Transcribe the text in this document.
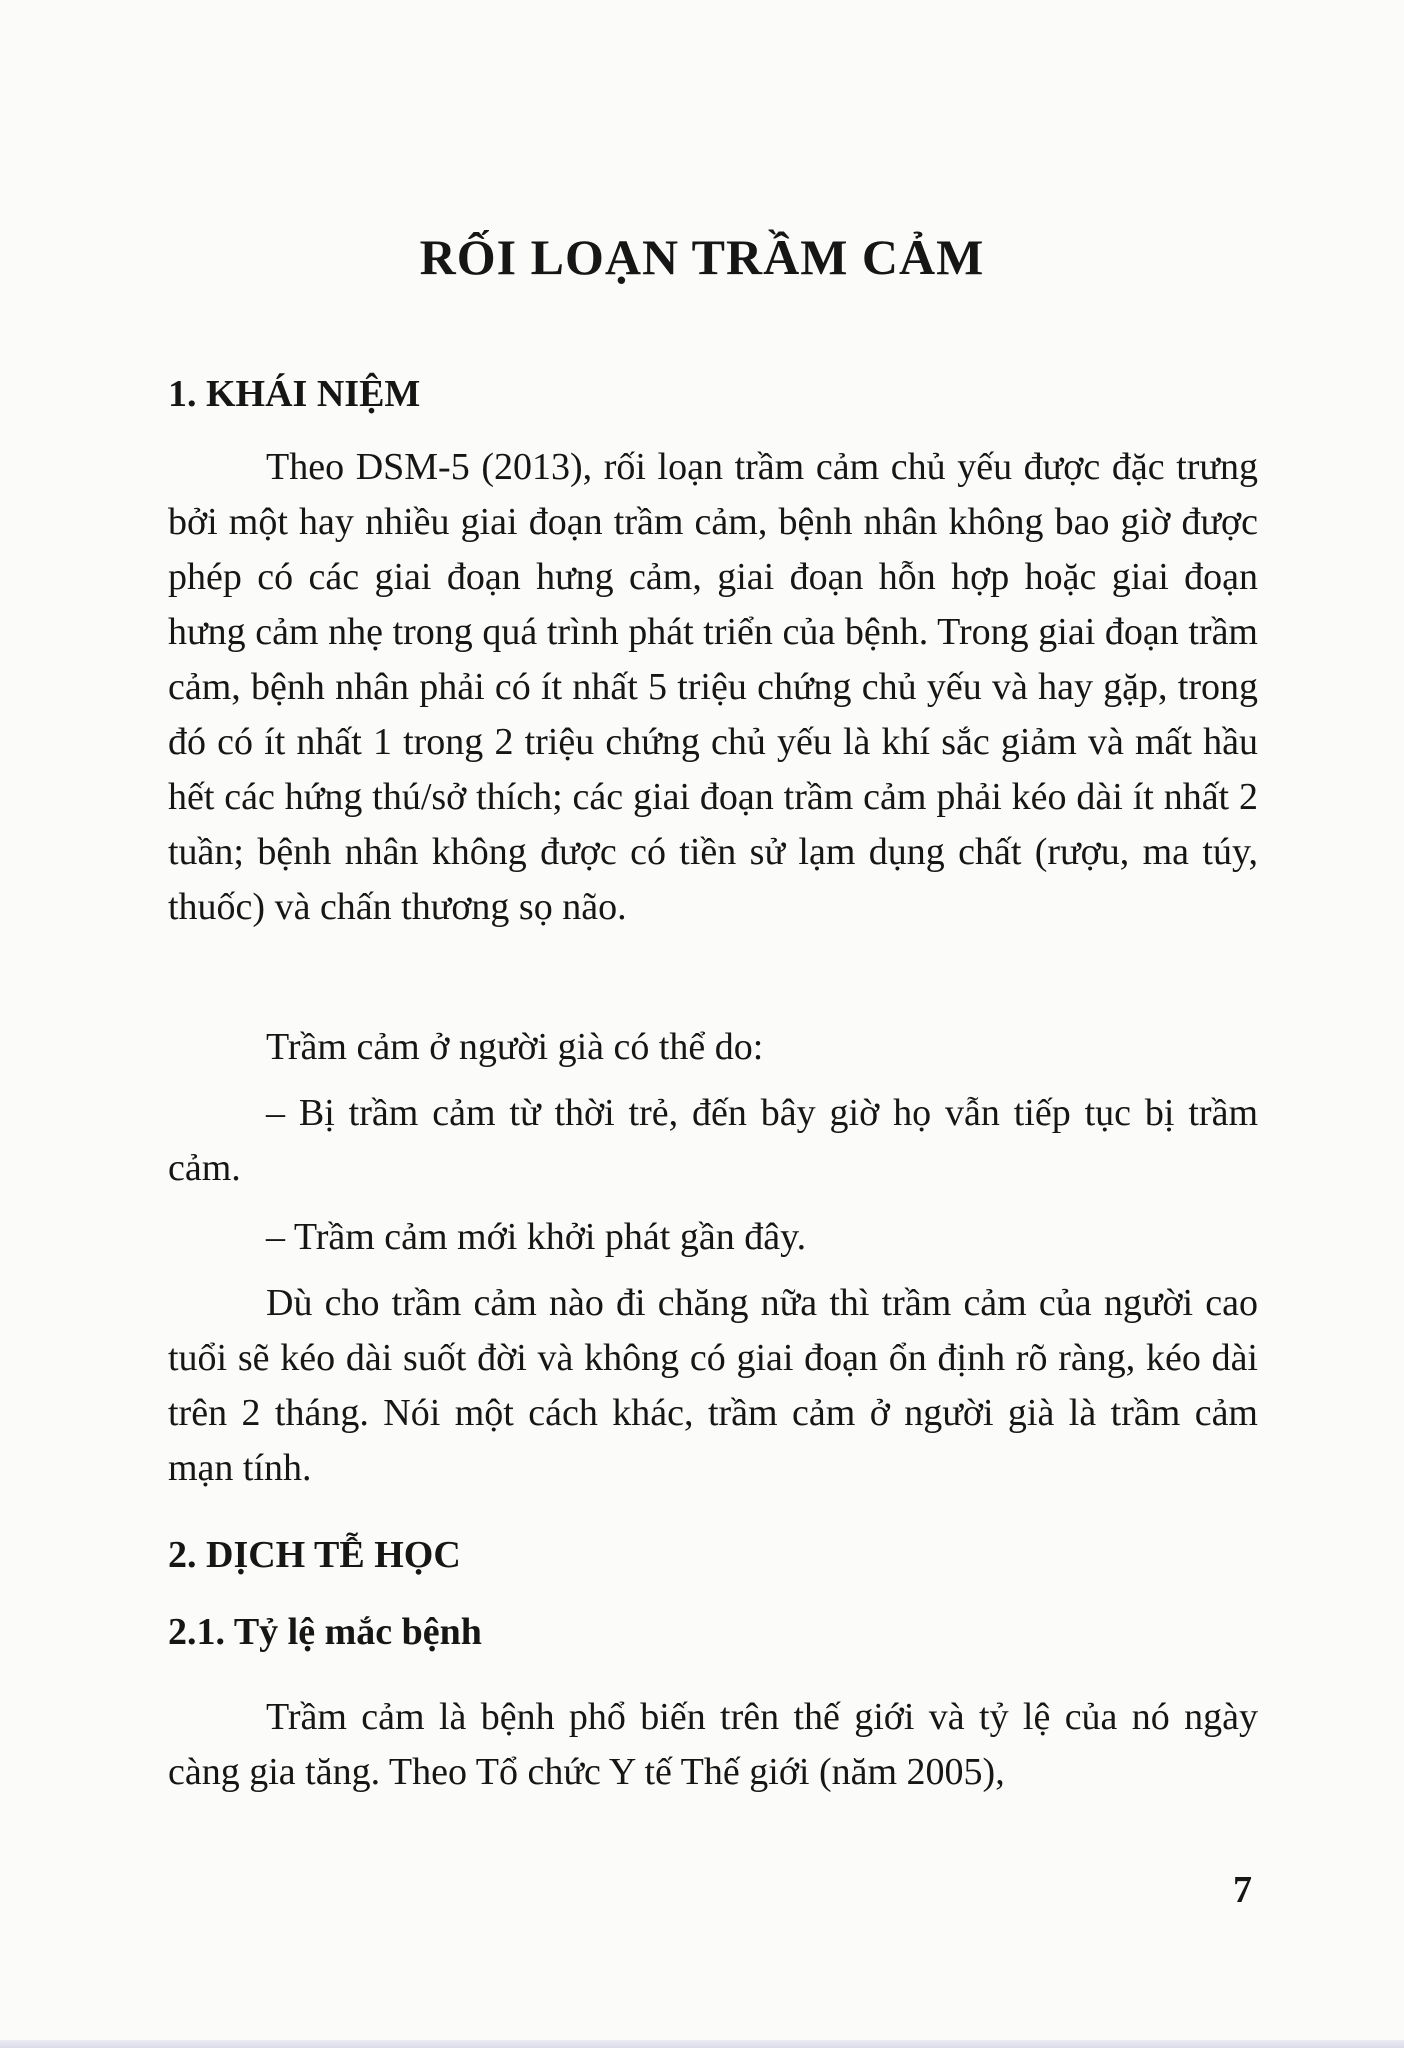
RỐI LOẠN TRẦM CẢM
1. KHÁI NIỆM

Theo DSM-5 (2013), rối loạn trầm cảm chủ yếu được đặc trưng bởi một hay nhiều giai đoạn trầm cảm, bệnh nhân không bao giờ được phép có các giai đoạn hưng cảm, giai đoạn hỗn hợp hoặc giai đoạn hưng cảm nhẹ trong quá trình phát triển của bệnh. Trong giai đoạn trầm cảm, bệnh nhân phải có ít nhất 5 triệu chứng chủ yếu và hay gặp, trong đó có ít nhất 1 trong 2 triệu chứng chủ yếu là khí sắc giảm và mất hầu hết các hứng thú/sở thích; các giai đoạn trầm cảm phải kéo dài ít nhất 2 tuần; bệnh nhân không được có tiền sử lạm dụng chất (rượu, ma túy, thuốc) và chấn thương sọ não.

Trầm cảm ở người già có thể do:

– Bị trầm cảm từ thời trẻ, đến bây giờ họ vẫn tiếp tục bị trầm cảm.

– Trầm cảm mới khởi phát gần đây.

Dù cho trầm cảm nào đi chăng nữa thì trầm cảm của người cao tuổi sẽ kéo dài suốt đời và không có giai đoạn ổn định rõ ràng, kéo dài trên 2 tháng. Nói một cách khác, trầm cảm ở người già là trầm cảm mạn tính.

2. DỊCH TỄ HỌC
2.1. Tỷ lệ mắc bệnh

Trầm cảm là bệnh phổ biến trên thế giới và tỷ lệ của nó ngày càng gia tăng. Theo Tổ chức Y tế Thế giới (năm 2005),

7
